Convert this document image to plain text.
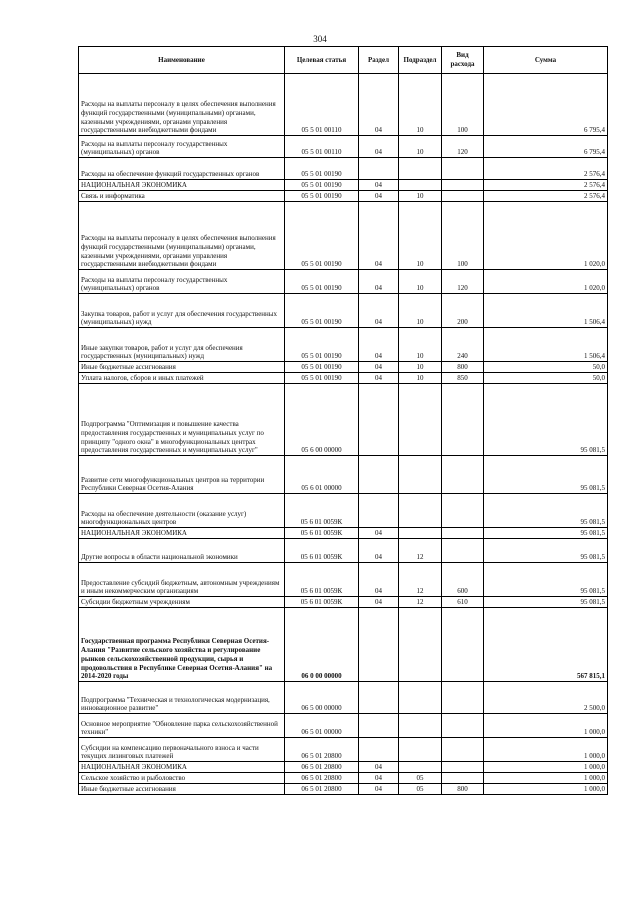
304
Наименование	Целевая статья	Раздел	Подраздел	Вид расхода	Сумма
Расходы на выплаты персоналу в целях обеспечения выполнения функций государственными (муниципальными) органами, казенными учреждениями, органами управления государственными внебюджетными фондами	05 5 01 00110	04	10	100	6 795,4
Расходы на выплаты персоналу государственных (муниципальных) органов	05 5 01 00110	04	10	120	6 795,4
Расходы на обеспечение функций государственных органов	05 5 01 00190				2 576,4
НАЦИОНАЛЬНАЯ ЭКОНОМИКА	05 5 01 00190	04			2 576,4
Связь и информатика	05 5 01 00190	04	10		2 576,4
Расходы на выплаты персоналу в целях обеспечения выполнения функций государственными (муниципальными) органами, казенными учреждениями, органами управления государственными внебюджетными фондами	05 5 01 00190	04	10	100	1 020,0
Расходы на выплаты персоналу государственных (муниципальных) органов	05 5 01 00190	04	10	120	1 020,0
Закупка товаров, работ и услуг для обеспечения государственных (муниципальных) нужд	05 5 01 00190	04	10	200	1 506,4
Иные закупки товаров, работ и услуг для обеспечения государственных (муниципальных) нужд	05 5 01 00190	04	10	240	1 506,4
Иные бюджетные ассигнования	05 5 01 00190	04	10	800	50,0
Уплата налогов, сборов и иных платежей	05 5 01 00190	04	10	850	50,0
Подпрограмма "Оптимизация и повышение качества предоставления государственных и муниципальных услуг по принципу "одного окна" в многофункциональных центрах предоставления государственных и муниципальных услуг"	05 6 00 00000				95 081,5
Развитие сети многофункциональных центров на территории Республики Северная Осетия-Алания	05 6 01 00000				95 081,5
Расходы на обеспечение деятельности (оказание услуг) многофункциональных центров	05 6 01 0059К				95 081,5
НАЦИОНАЛЬНАЯ ЭКОНОМИКА	05 6 01 0059К	04			95 081,5
Другие вопросы в области национальной экономики	05 6 01 0059К	04	12		95 081,5
Предоставление субсидий бюджетным, автономным учреждениям и иным некоммерческим организациям	05 6 01 0059К	04	12	600	95 081,5
Субсидии бюджетным учреждениям	05 6 01 0059К	04	12	610	95 081,5
Государственная программа Республики Северная Осетия-Алания "Развитие сельского хозяйства и регулирование рынков сельскохозяйственной продукции, сырья и продовольствия в Республике Северная Осетия-Алания" на 2014-2020 годы	06 0 00 00000				567 815,1
Подпрограмма "Техническая и технологическая модернизация, инновационное развитие"	06 5 00 00000				2 500,0
Основное мероприятие "Обновление парка сельскохозяйственной техники"	06 5 01 00000				1 000,0
Субсидии на компенсацию первоначального взноса и части текущих лизинговых платежей	06 5 01 20800				1 000,0
НАЦИОНАЛЬНАЯ ЭКОНОМИКА	06 5 01 20800	04			1 000,0
Сельское хозяйство и рыболовство	06 5 01 20800	04	05		1 000,0
Иные бюджетные ассигнования	06 5 01 20800	04	05	800	1 000,0
